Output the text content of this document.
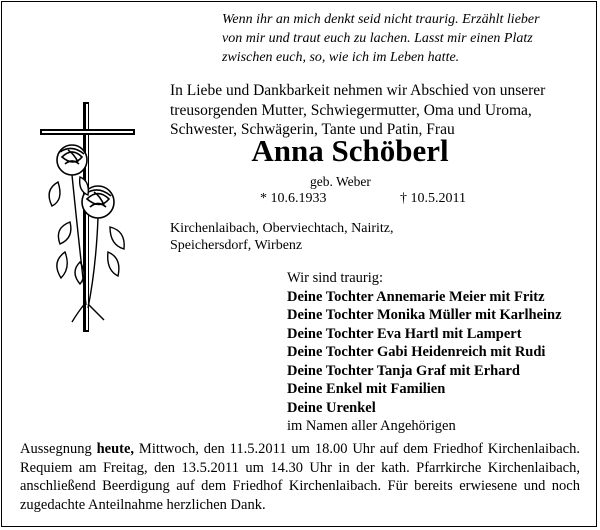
Wenn ihr an mich denkt seid nicht traurig. Erzählt lieber
von mir und traut euch zu lachen. Lasst mir einen Platz
zwischen euch, so, wie ich im Leben hatte.
In Liebe und Dankbarkeit nehmen wir Abschied von unserer
treusorgenden Mutter, Schwiegermutter, Oma und Uroma,
Schwester, Schwägerin, Tante und Patin, Frau
Anna Schöberl
geb. Weber
* 10.6.1933	† 10.5.2011
Kirchenlaibach, Oberviechtach, Nairitz,
Speichersdorf, Wirbenz
Wir sind traurig:
Deine Tochter Annemarie Meier mit Fritz
Deine Tochter Monika Müller mit Karlheinz
Deine Tochter Eva Hartl mit Lampert
Deine Tochter Gabi Heidenreich mit Rudi
Deine Tochter Tanja Graf mit Erhard
Deine Enkel mit Familien
Deine Urenkel
im Namen aller Angehörigen

Aussegnung heute, Mittwoch, den 11.5.2011 um 18.00 Uhr auf dem Friedhof Kirchenlaibach. Requiem am Freitag, den 13.5.2011 um 14.30 Uhr in der kath. Pfarrkirche Kirchenlaibach, anschließend Beerdigung auf dem Friedhof Kirchenlaibach. Für bereits erwiesene und noch zugedachte Anteilnahme herzlichen Dank.
